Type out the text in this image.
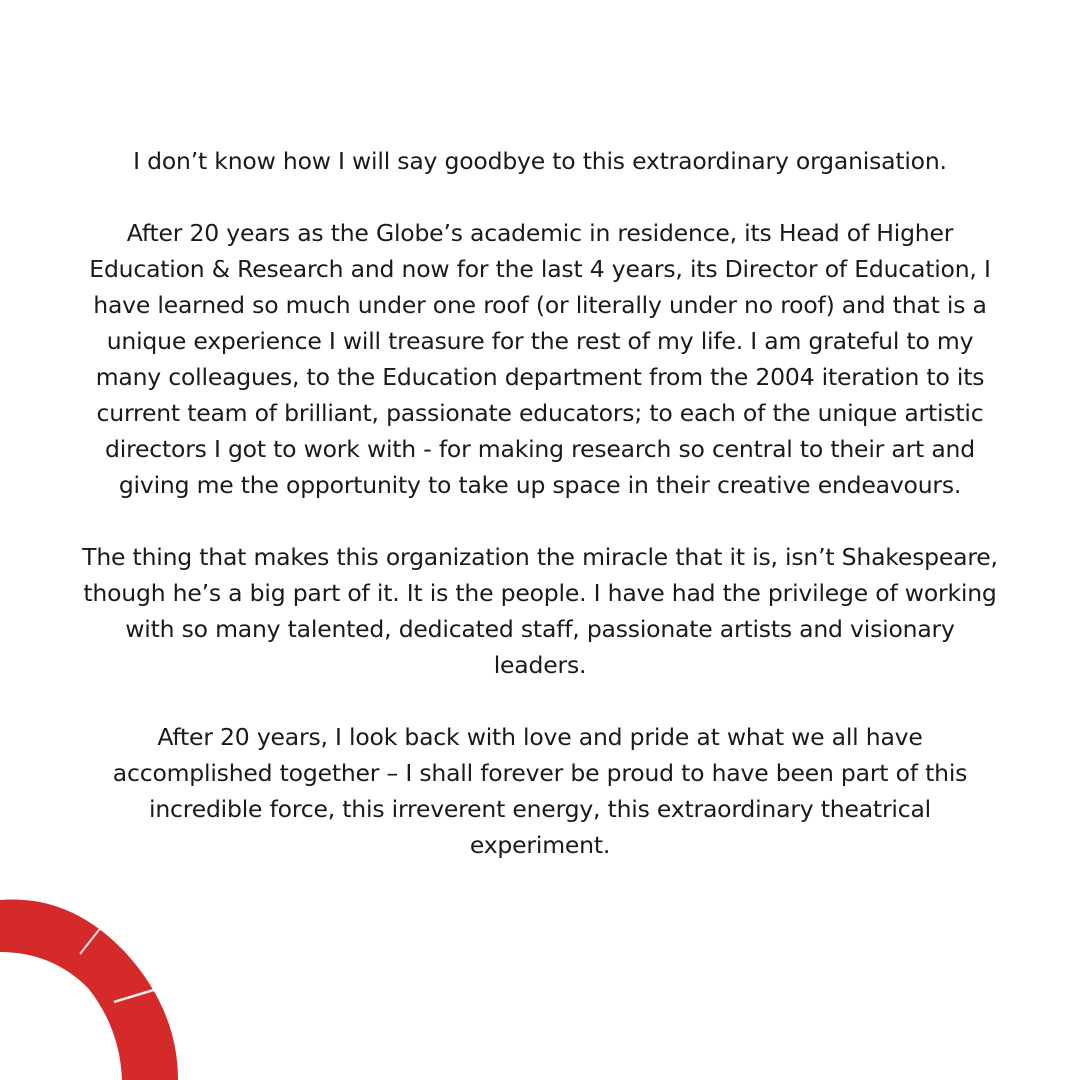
I don’t know how I will say goodbye to this extraordinary organisation.

After 20 years as the Globe’s academic in residence, its Head of Higher Education & Research and now for the last 4 years, its Director of Education, I have learned so much under one roof (or literally under no roof) and that is a unique experience I will treasure for the rest of my life. I am grateful to my many colleagues, to the Education department from the 2004 iteration to its current team of brilliant, passionate educators; to each of the unique artistic directors I got to work with - for making research so central to their art and giving me the opportunity to take up space in their creative endeavours.

The thing that makes this organization the miracle that it is, isn’t Shakespeare, though he’s a big part of it. It is the people. I have had the privilege of working with so many talented, dedicated staff, passionate artists and visionary leaders.

After 20 years, I look back with love and pride at what we all have accomplished together – I shall forever be proud to have been part of this incredible force, this irreverent energy, this extraordinary theatrical experiment.
